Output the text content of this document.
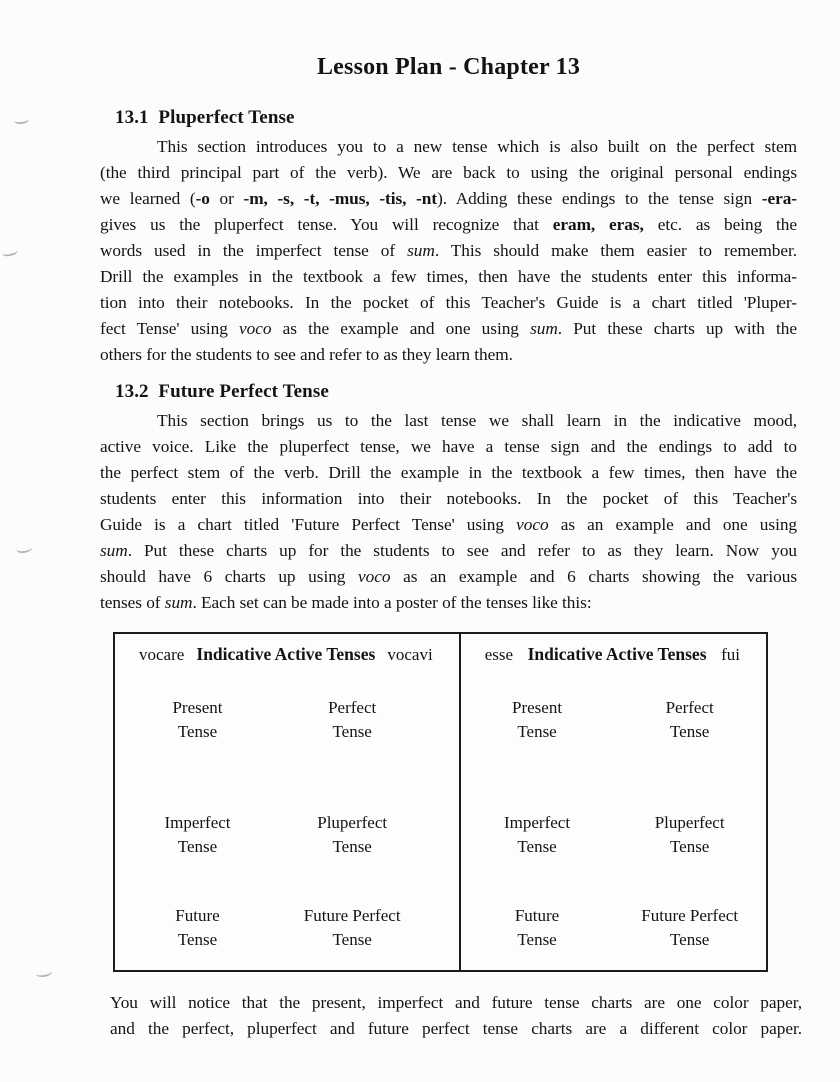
Lesson Plan - Chapter 13
13.1 Pluperfect Tense
This section introduces you to a new tense which is also built on the perfect stem
(the third principal part of the verb). We are back to using the original personal endings
we learned (-o or -m, -s, -t, -mus, -tis, -nt). Adding these endings to the tense sign -era-
gives us the pluperfect tense. You will recognize that eram, eras, etc. as being the
words used in the imperfect tense of sum. This should make them easier to remember.
Drill the examples in the textbook a few times, then have the students enter this informa-
tion into their notebooks. In the pocket of this Teacher's Guide is a chart titled 'Pluper-
fect Tense' using voco as the example and one using sum. Put these charts up with the
others for the students to see and refer to as they learn them.
13.2 Future Perfect Tense
This section brings us to the last tense we shall learn in the indicative mood,
active voice. Like the pluperfect tense, we have a tense sign and the endings to add to
the perfect stem of the verb. Drill the example in the textbook a few times, then have the
students enter this information into their notebooks. In the pocket of this Teacher's
Guide is a chart titled 'Future Perfect Tense' using voco as an example and one using
sum. Put these charts up for the students to see and refer to as they learn. Now you
should have 6 charts up using voco as an example and 6 charts showing the various
tenses of sum. Each set can be made into a poster of the tenses like this:
vocare Indicative Active Tenses vocavi
Present
Tense
Perfect
Tense
Imperfect
Tense
Pluperfect
Tense
Future
Tense
Future Perfect
Tense
esse Indicative Active Tenses fui
Present
Tense
Perfect
Tense
Imperfect
Tense
Pluperfect
Tense
Future
Tense
Future Perfect
Tense
You will notice that the present, imperfect and future tense charts are one color paper,
and the perfect, pluperfect and future perfect tense charts are a different color paper.
